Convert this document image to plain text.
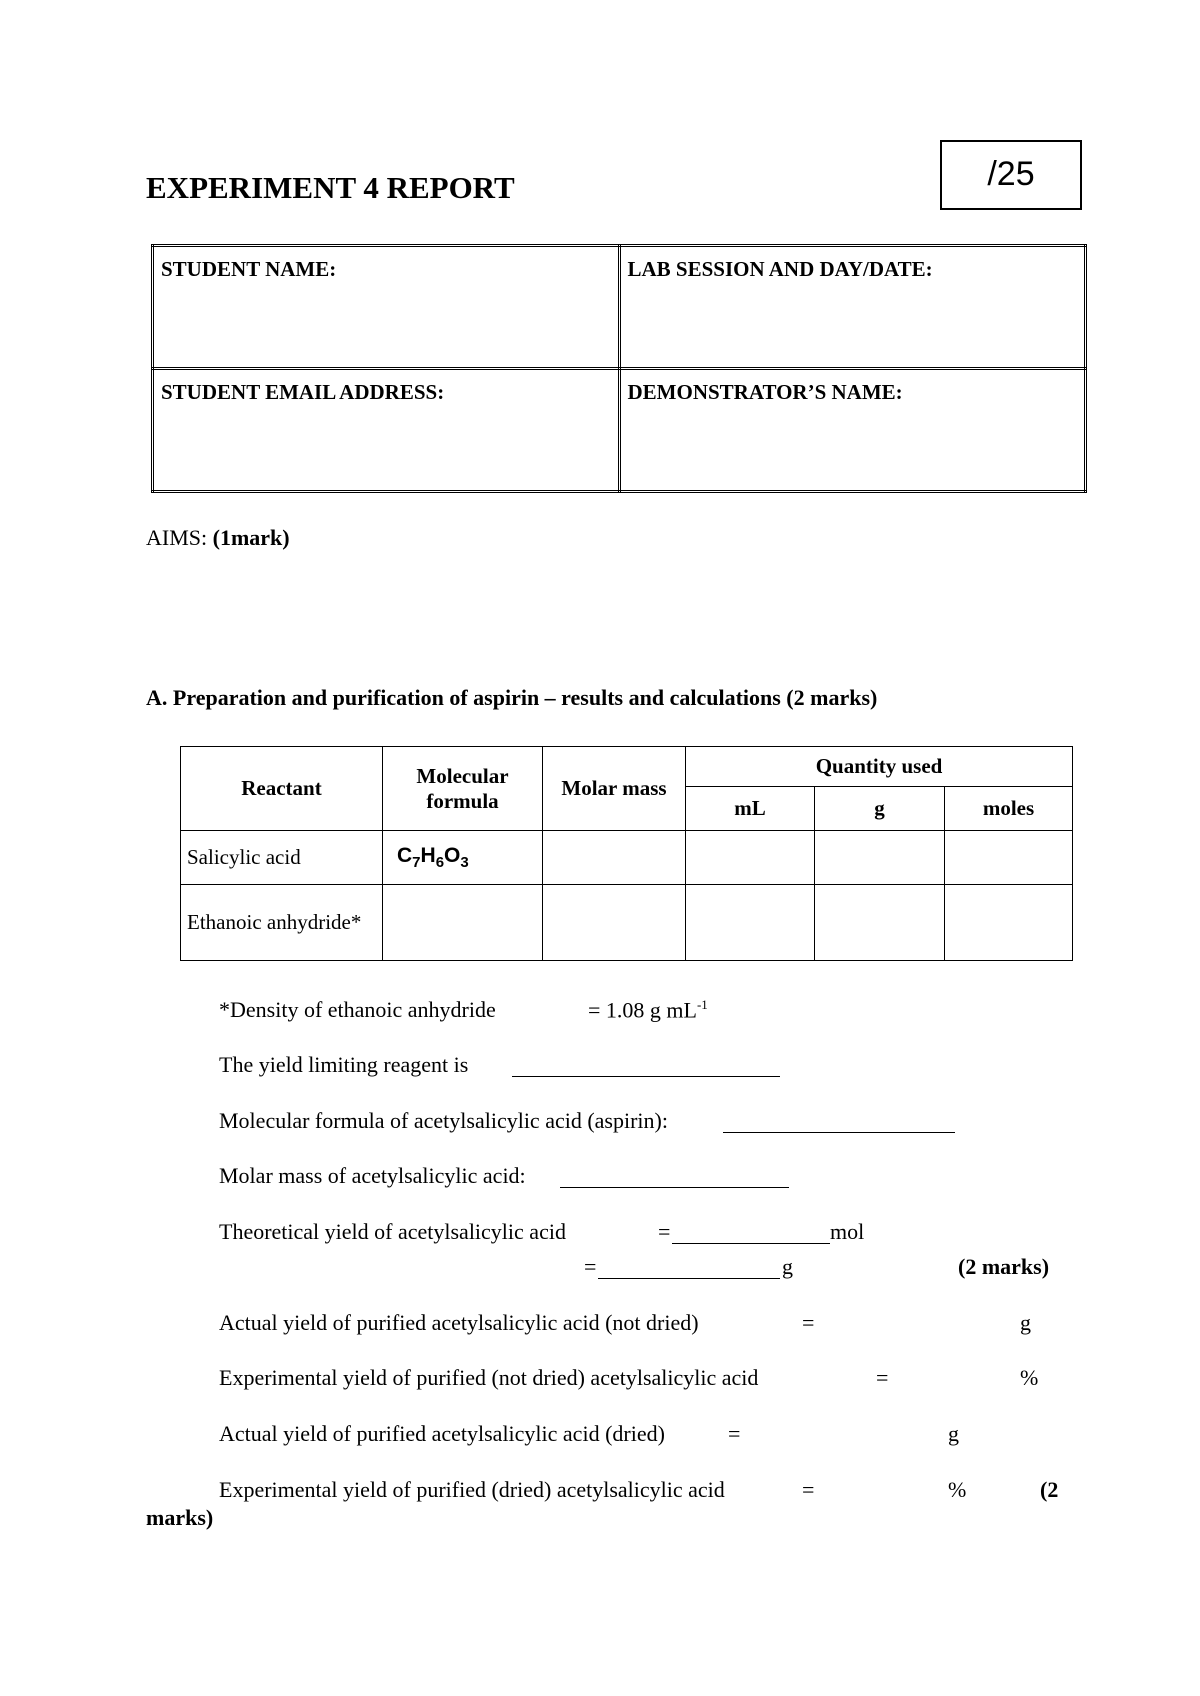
/25
EXPERIMENT 4 REPORT
STUDENT NAME:	LAB SESSION AND DAY/DATE:
STUDENT EMAIL ADDRESS:	DEMONSTRATOR’S NAME:
AIMS: (1mark)
A. Preparation and purification of aspirin – results and calculations (2 marks)
Reactant	Molecular formula	Molar mass	Quantity used		
			mL	g	moles
Salicylic acid	$C_7H_6O_3$				
Ethanoic anhydride*					
*Density of ethanoic anhydride	= 1.08 g $mL^{-1}$
The yield limiting reagent is
Molecular formula of acetylsalicylic acid (aspirin):
Molar mass of acetylsalicylic acid:
Theoretical yield of acetylsalicylic acid	=	mol
=	g	(2 marks)
Actual yield of purified acetylsalicylic acid (not dried)	=	g
Experimental yield of purified (not dried) acetylsalicylic acid	=	%
Actual yield of purified acetylsalicylic acid (dried)	=	g
Experimental yield of purified (dried) acetylsalicylic acid	=	%	(2
marks)
